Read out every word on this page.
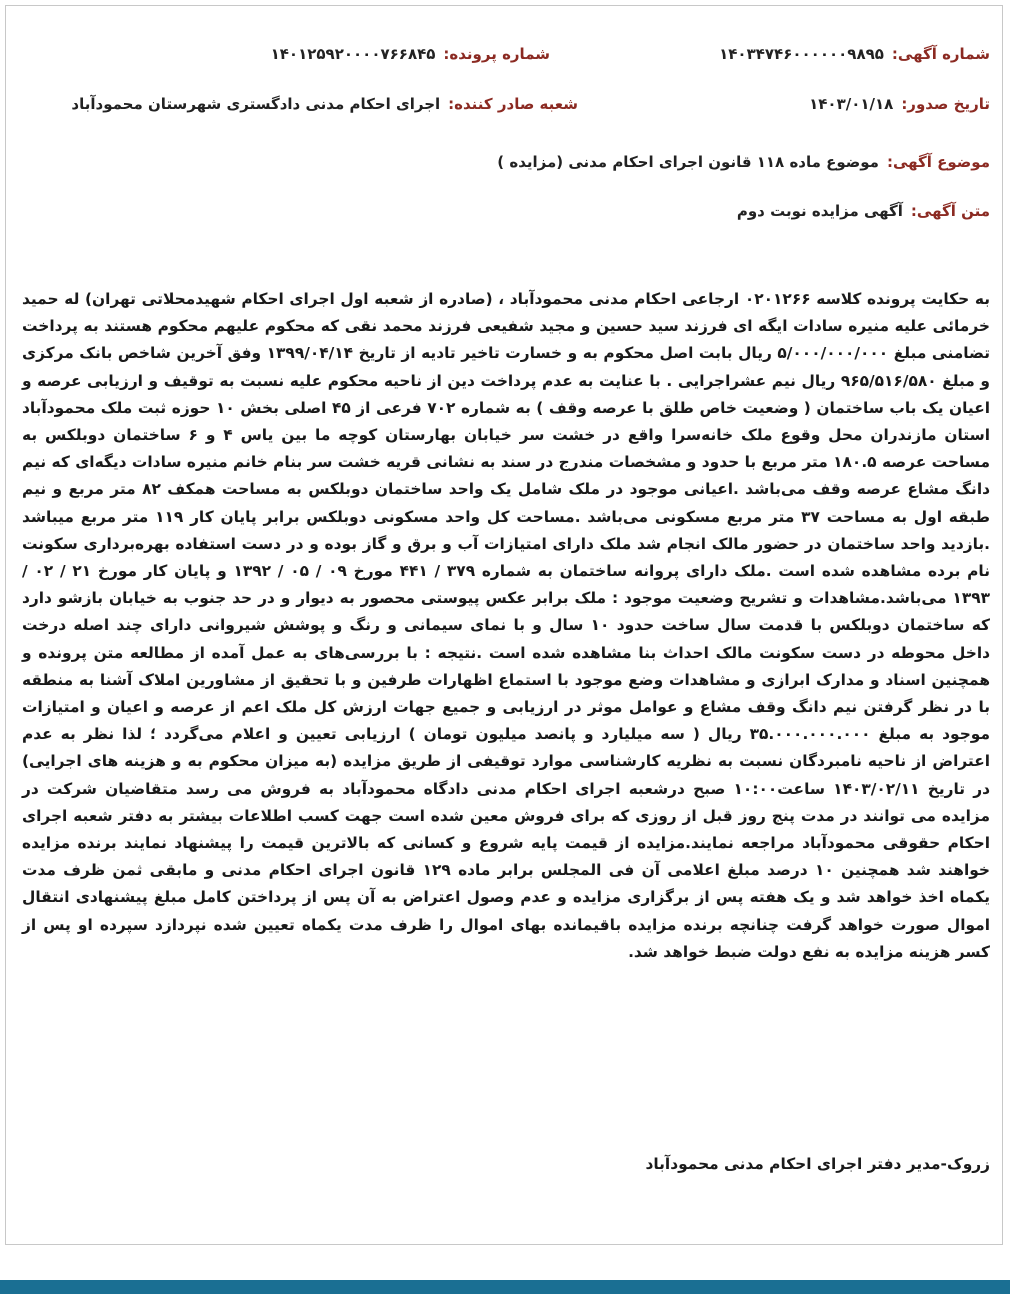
شماره آگهی:
۱۴۰۳۴۷۴۶۰۰۰۰۰۰۹۸۹۵
شماره پرونده:
۱۴۰۱۲۵۹۲۰۰۰۰۷۶۶۸۴۵
تاریخ صدور:
۱۴۰۳/۰۱/۱۸
شعبه صادر کننده:
اجرای احکام مدنی دادگستری شهرستان محمودآباد
موضوع آگهی:
موضوع ماده ۱۱۸ قانون اجرای احکام مدنی (مزایده )
متن آگهی:
آگهی مزایده نوبت دوم
به حکایت پرونده کلاسه ۰۲۰۱۲۶۶ ارجاعی احکام مدنی محمودآباد ، (صادره از شعبه اول اجرای احکام شهیدمحلاتی تهران) له حمید خرمائی علیه منیره سادات ایگه ای فرزند سید حسین و مجید شفیعی فرزند محمد نقی که محکوم علیهم محکوم هستند به پرداخت تضامنی مبلغ ۵/۰۰۰/۰۰۰/۰۰۰ ریال بابت اصل محکوم به و خسارت تاخیر تادیه از تاریخ ۱۳۹۹/۰۴/۱۴ وفق آخرین شاخص بانک مرکزی و مبلغ ۹۶۵/۵۱۶/۵۸۰ ریال نیم عشراجرایی . با عنایت به عدم پرداخت دین از ناحیه محکوم علیه نسبت به توقیف و ارزیابی عرصه و اعیان یک باب ساختمان ( وضعیت خاص طلق با عرصه وقف ) به شماره ۷۰۲ فرعی از ۴۵ اصلی بخش ۱۰ حوزه ثبت ملک محمودآباد استان مازندران محل وقوع ملک خانه‌سرا واقع در خشت سر خیابان بهارستان کوچه ما بین یاس ۴ و ۶ ساختمان دوبلکس به مساحت عرصه ۱۸۰.۵ متر مربع با حدود و مشخصات مندرج در سند به نشانی قریه خشت سر بنام خانم منیره سادات دیگه‌ای که نیم دانگ مشاع عرصه وقف می‌باشد .اعیانی موجود در ملک شامل یک واحد ساختمان دوبلکس به مساحت همکف ۸۲ متر مربع و نیم طبقه اول به مساحت ۳۷ متر مربع مسکونی می‌باشد .مساحت کل واحد مسکونی دوبلکس برابر پایان کار ۱۱۹ متر مربع میباشد .بازدید واحد ساختمان در حضور مالک انجام شد ملک دارای امتیازات آب و برق و گاز بوده و در دست استفاده بهره‌برداری سکونت نام برده مشاهده شده است .ملک دارای پروانه ساختمان به شماره ۳۷۹ / ۴۴۱ مورخ ۰۹ / ۰۵ / ۱۳۹۲ و پایان کار مورخ ۲۱ / ۰۲ / ۱۳۹۳ می‌باشد.مشاهدات و تشریح وضعیت موجود : ملک برابر عکس پیوستی محصور به دیوار و در حد جنوب به خیابان بازشو دارد که ساختمان دوبلکس با قدمت سال ساخت حدود ۱۰ سال و با نمای سیمانی و رنگ و پوشش شیروانی دارای چند اصله درخت داخل محوطه در دست سکونت مالک احداث بنا مشاهده شده است .نتیجه : با بررسی‌های به عمل آمده از مطالعه متن پرونده و همچنین اسناد و مدارک ابرازی و مشاهدات وضع موجود با استماع اظهارات طرفین و با تحقیق از مشاورین املاک آشنا به منطقه با در نظر گرفتن نیم دانگ وقف مشاع و عوامل موثر در ارزیابی و جمیع جهات ارزش کل ملک اعم از عرصه و اعیان و امتیازات موجود به مبلغ ۳۵.۰۰۰.۰۰۰.۰۰۰ ریال ( سه میلیارد و پانصد میلیون تومان ) ارزیابی تعیین و اعلام می‌گردد ؛ لذا نظر به عدم اعتراض از ناحیه نامبردگان نسبت به نظریه کارشناسی موارد توقیفی از طریق مزایده (به میزان محکوم به و هزینه های اجرایی) در تاریخ ۱۴۰۳/۰۲/۱۱ ساعت۱۰:۰۰ صبح درشعبه اجرای احکام مدنی دادگاه محمودآباد به فروش می رسد متقاضیان شرکت در مزایده می توانند در مدت پنج روز قبل از روزی که برای فروش معین شده است جهت کسب اطلاعات بیشتر به دفتر شعبه اجرای احکام حقوقی محمودآباد مراجعه نمایند.مزایده از قیمت پایه شروع و کسانی که بالاترین قیمت را پیشنهاد نمایند برنده مزایده خواهند شد همچنین ۱۰ درصد مبلغ اعلامی آن فی المجلس برابر ماده ۱۲۹ قانون اجرای احکام مدنی و مابقی ثمن ظرف مدت یکماه اخذ خواهد شد و یک هفته پس از برگزاری مزایده و عدم وصول اعتراض به آن پس از پرداختن کامل مبلغ پیشنهادی انتقال اموال صورت خواهد گرفت چنانچه برنده مزایده باقیمانده بهای اموال را ظرف مدت یکماه تعیین شده نپردازد سپرده او پس از کسر هزینه مزایده به نفع دولت ضبط خواهد شد.
زروک-مدیر دفتر اجرای احکام مدنی محمودآباد
